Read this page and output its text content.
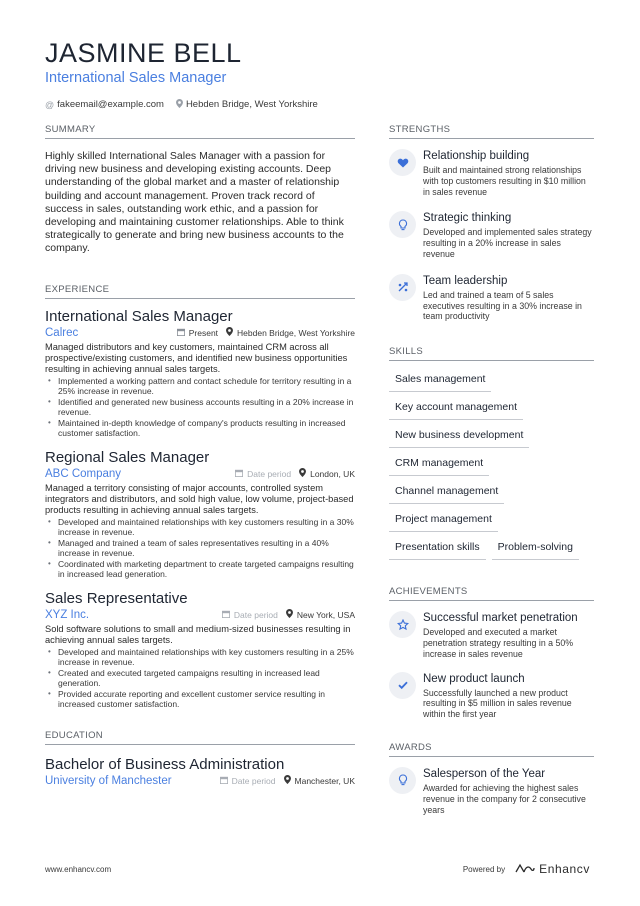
JASMINE BELL
International Sales Manager
@ fakeemail@example.com Hebden Bridge, West Yorkshire
SUMMARY
Highly skilled International Sales Manager with a passion for driving new business and developing existing accounts. Deep understanding of the global market and a master of relationship building and account management. Proven track record of success in sales, outstanding work ethic, and a passion for developing and maintaining customer relationships. Able to think strategically to generate and bring new business accounts to the company.
EXPERIENCE
International Sales Manager
Calrec	Present Hebden Bridge, West Yorkshire
Managed distributors and key customers, maintained CRM across all prospective/existing customers, and identified new business opportunities resulting in achieving annual sales targets.
• Implemented a working pattern and contact schedule for territory resulting in a 25% increase in revenue.
• Identified and generated new business accounts resulting in a 20% increase in revenue.
• Maintained in-depth knowledge of company's products resulting in increased customer satisfaction.
Regional Sales Manager
ABC Company	Date period London, UK
Managed a territory consisting of major accounts, controlled system integrators and distributors, and sold high value, low volume, project-based products resulting in achieving annual sales targets.
• Developed and maintained relationships with key customers resulting in a 30% increase in revenue.
• Managed and trained a team of sales representatives resulting in a 40% increase in revenue.
• Coordinated with marketing department to create targeted campaigns resulting in increased lead generation.
Sales Representative
XYZ Inc.	Date period New York, USA
Sold software solutions to small and medium-sized businesses resulting in achieving annual sales targets.
• Developed and maintained relationships with key customers resulting in a 25% increase in revenue.
• Created and executed targeted campaigns resulting in increased lead generation.
• Provided accurate reporting and excellent customer service resulting in increased customer satisfaction.
EDUCATION
Bachelor of Business Administration
University of Manchester	Date period Manchester, UK
STRENGTHS
Relationship building
Built and maintained strong relationships with top customers resulting in $10 million in sales revenue
Strategic thinking
Developed and implemented sales strategy resulting in a 20% increase in sales revenue
Team leadership
Led and trained a team of 5 sales executives resulting in a 30% increase in team productivity
SKILLS
Sales management
Key account management
New business development
CRM management
Channel management
Project management
Presentation skills	Problem-solving
ACHIEVEMENTS
Successful market penetration
Developed and executed a market penetration strategy resulting in a 50% increase in sales revenue
New product launch
Successfully launched a new product resulting in $5 million in sales revenue within the first year
AWARDS
Salesperson of the Year
Awarded for achieving the highest sales revenue in the company for 2 consecutive years
www.enhancv.com	Powered by	Enhancv
